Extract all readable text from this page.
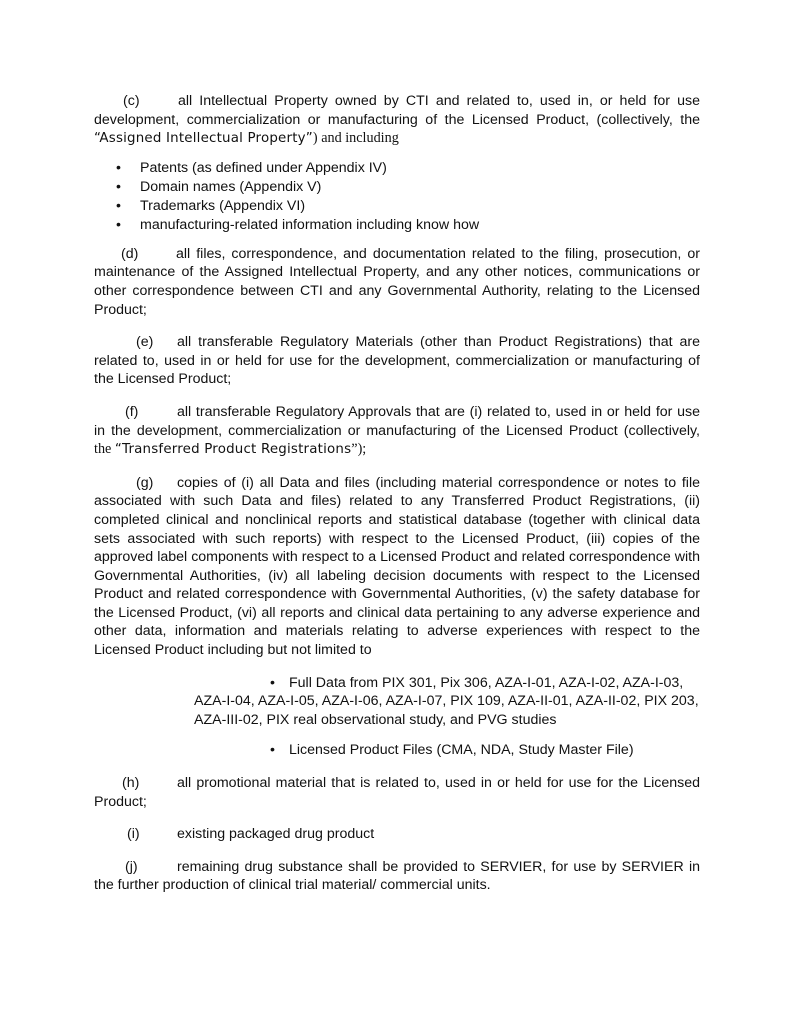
(c)	all Intellectual Property owned by CTI and related to, used in, or held for use development, commercialization or manufacturing of the Licensed Product, (collectively, the “Assigned Intellectual Property”) and including

• Patents (as defined under Appendix IV)
• Domain names (Appendix V)
• Trademarks (Appendix VI)
• manufacturing-related information including know how

(d)	all files, correspondence, and documentation related to the filing, prosecution, or maintenance of the Assigned Intellectual Property, and any other notices, communications or other correspondence between CTI and any Governmental Authority, relating to the Licensed Product;

(e) all transferable Regulatory Materials (other than Product Registrations) that are related to, used in or held for use for the development, commercialization or manufacturing of the Licensed Product;

(f)	all transferable Regulatory Approvals that are (i) related to, used in or held for use in the development, commercialization or manufacturing of the Licensed Product (collectively, the “Transferred Product Registrations”);

(g) copies of (i) all Data and files (including material correspondence or notes to file associated with such Data and files) related to any Transferred Product Registrations, (ii) completed clinical and nonclinical reports and statistical database (together with clinical data sets associated with such reports) with respect to the Licensed Product, (iii) copies of the approved label components with respect to a Licensed Product and related correspondence with Governmental Authorities, (iv) all labeling decision documents with respect to the Licensed Product and related correspondence with Governmental Authorities, (v) the safety database for the Licensed Product, (vi) all reports and clinical data pertaining to any adverse experience and other data, information and materials relating to adverse experiences with respect to the Licensed Product including but not limited to

• Full Data from PIX 301, Pix 306, AZA-I-01, AZA-I-02, AZA-I-03, AZA-I-04, AZA-I-05, AZA-I-06, AZA-I-07, PIX 109, AZA-II-01, AZA-II-02, PIX 203, AZA-III-02, PIX real observational study, and PVG studies
• Licensed Product Files (CMA, NDA, Study Master File)

(h)	all promotional material that is related to, used in or held for use for the Licensed Product;

(i)	existing packaged drug product

(j)	remaining drug substance shall be provided to SERVIER, for use by SERVIER in the further production of clinical trial material/ commercial units.
